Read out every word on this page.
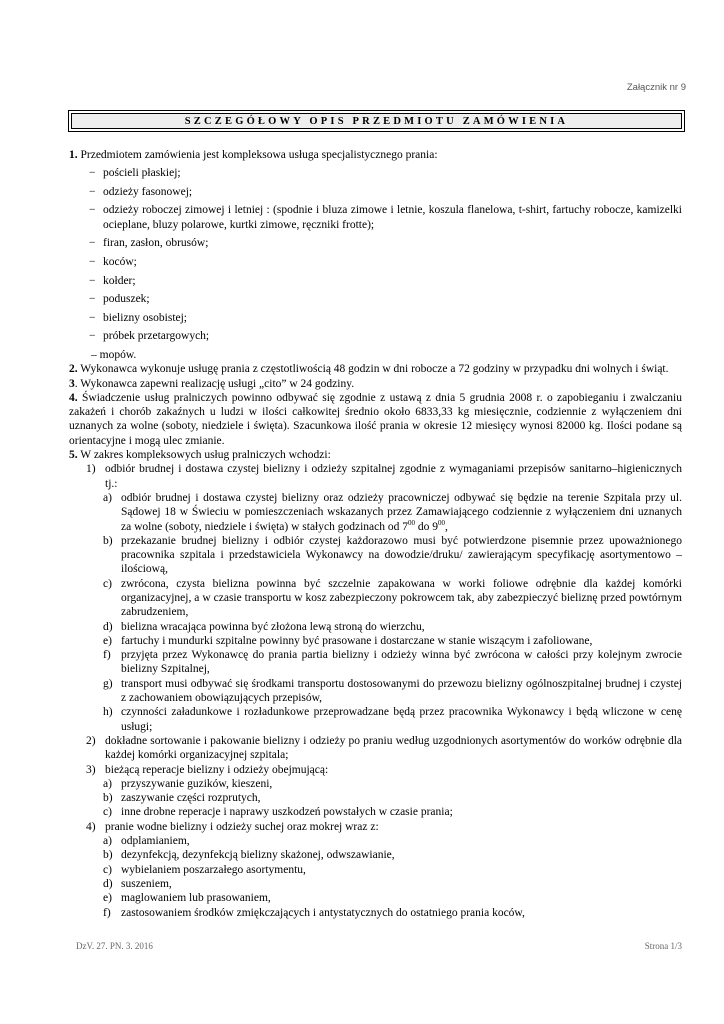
Załącznik nr 9
SZCZEGÓŁOWY OPIS PRZEDMIOTU ZAMÓWIENIA

1. Przedmiotem zamówienia jest kompleksowa usługa specjalistycznego prania:

− pościeli płaskiej;
− odzieży fasonowej;
− odzieży roboczej zimowej i letniej : (spodnie i bluza zimowe i letnie, koszula flanelowa, t-shirt, fartuchy robocze, kamizelki ocieplane, bluzy polarowe, kurtki zimowe, ręczniki frotte);
− firan, zasłon, obrusów;
− koców;
− kołder;
− poduszek;
− bielizny osobistej;
− próbek przetargowych;

– mopów.

2. Wykonawca wykonuje usługę prania z częstotliwością 48 godzin w dni robocze a 72 godziny w przypadku dni wolnych i świąt.

3. Wykonawca zapewni realizację usługi „cito” w 24 godziny.

4. Świadczenie usług pralniczych powinno odbywać się zgodnie z ustawą z dnia 5 grudnia 2008 r. o zapobieganiu i zwalczaniu zakażeń i chorób zakaźnych u ludzi w ilości całkowitej średnio około 6833,33 kg miesięcznie, codziennie z wyłączeniem dni uznanych za wolne (soboty, niedziele i święta). Szacunkowa ilość prania w okresie 12 miesięcy wynosi 82000 kg. Ilości podane są orientacyjne i mogą ulec zmianie.

5. W zakres kompleksowych usług pralniczych wchodzi:

1) odbiór brudnej i dostawa czystej bielizny i odzieży szpitalnej zgodnie z wymaganiami przepisów sanitarno–higienicznych tj.:

a) odbiór brudnej i dostawa czystej bielizny oraz odzieży pracowniczej odbywać się będzie na terenie Szpitala przy ul. Sądowej 18 w Świeciu w pomieszczeniach wskazanych przez Zamawiającego codziennie z wyłączeniem dni uznanych za wolne (soboty, niedziele i święta) w stałych godzinach od $7^{00}$ do $9^{00}$,

b) przekazanie brudnej bielizny i odbiór czystej każdorazowo musi być potwierdzone pisemnie przez upoważnionego pracownika szpitala i przedstawiciela Wykonawcy na dowodzie/druku/ zawierającym specyfikację asortymentowo – ilościową,

c) zwrócona, czysta bielizna powinna być szczelnie zapakowana w worki foliowe odrębnie dla każdej komórki organizacyjnej, a w czasie transportu w kosz zabezpieczony pokrowcem tak, aby zabezpieczyć bieliznę przed powtórnym zabrudzeniem,

d) bielizna wracająca powinna być złożona lewą stroną do wierzchu,

e) fartuchy i mundurki szpitalne powinny być prasowane i dostarczane w stanie wiszącym i zafoliowane,

f) przyjęta przez Wykonawcę do prania partia bielizny i odzieży winna być zwrócona w całości przy kolejnym zwrocie bielizny Szpitalnej,

g) transport musi odbywać się środkami transportu dostosowanymi do przewozu bielizny ogólnoszpitalnej brudnej i czystej z zachowaniem obowiązujących przepisów,

h) czynności załadunkowe i rozładunkowe przeprowadzane będą przez pracownika Wykonawcy i będą wliczone w cenę usługi;

2) dokładne sortowanie i pakowanie bielizny i odzieży po praniu według uzgodnionych asortymentów do worków odrębnie dla każdej komórki organizacyjnej szpitala;

3) bieżącą reperacje bielizny i odzieży obejmującą:

a) przyszywanie guzików, kieszeni,

b) zaszywanie części rozprutych,

c) inne drobne reperacje i naprawy uszkodzeń powstałych w czasie prania;

4) pranie wodne bielizny i odzieży suchej oraz mokrej wraz z:

a) odplamianiem,

b) dezynfekcją, dezynfekcją bielizny skażonej, odwszawianie,

c) wybielaniem poszarzałego asortymentu,

d) suszeniem,

e) maglowaniem lub prasowaniem,

f) zastosowaniem środków zmiękczających i antystatycznych do ostatniego prania koców,

DzV. 27. PN. 3. 2016	Strona 1/3
